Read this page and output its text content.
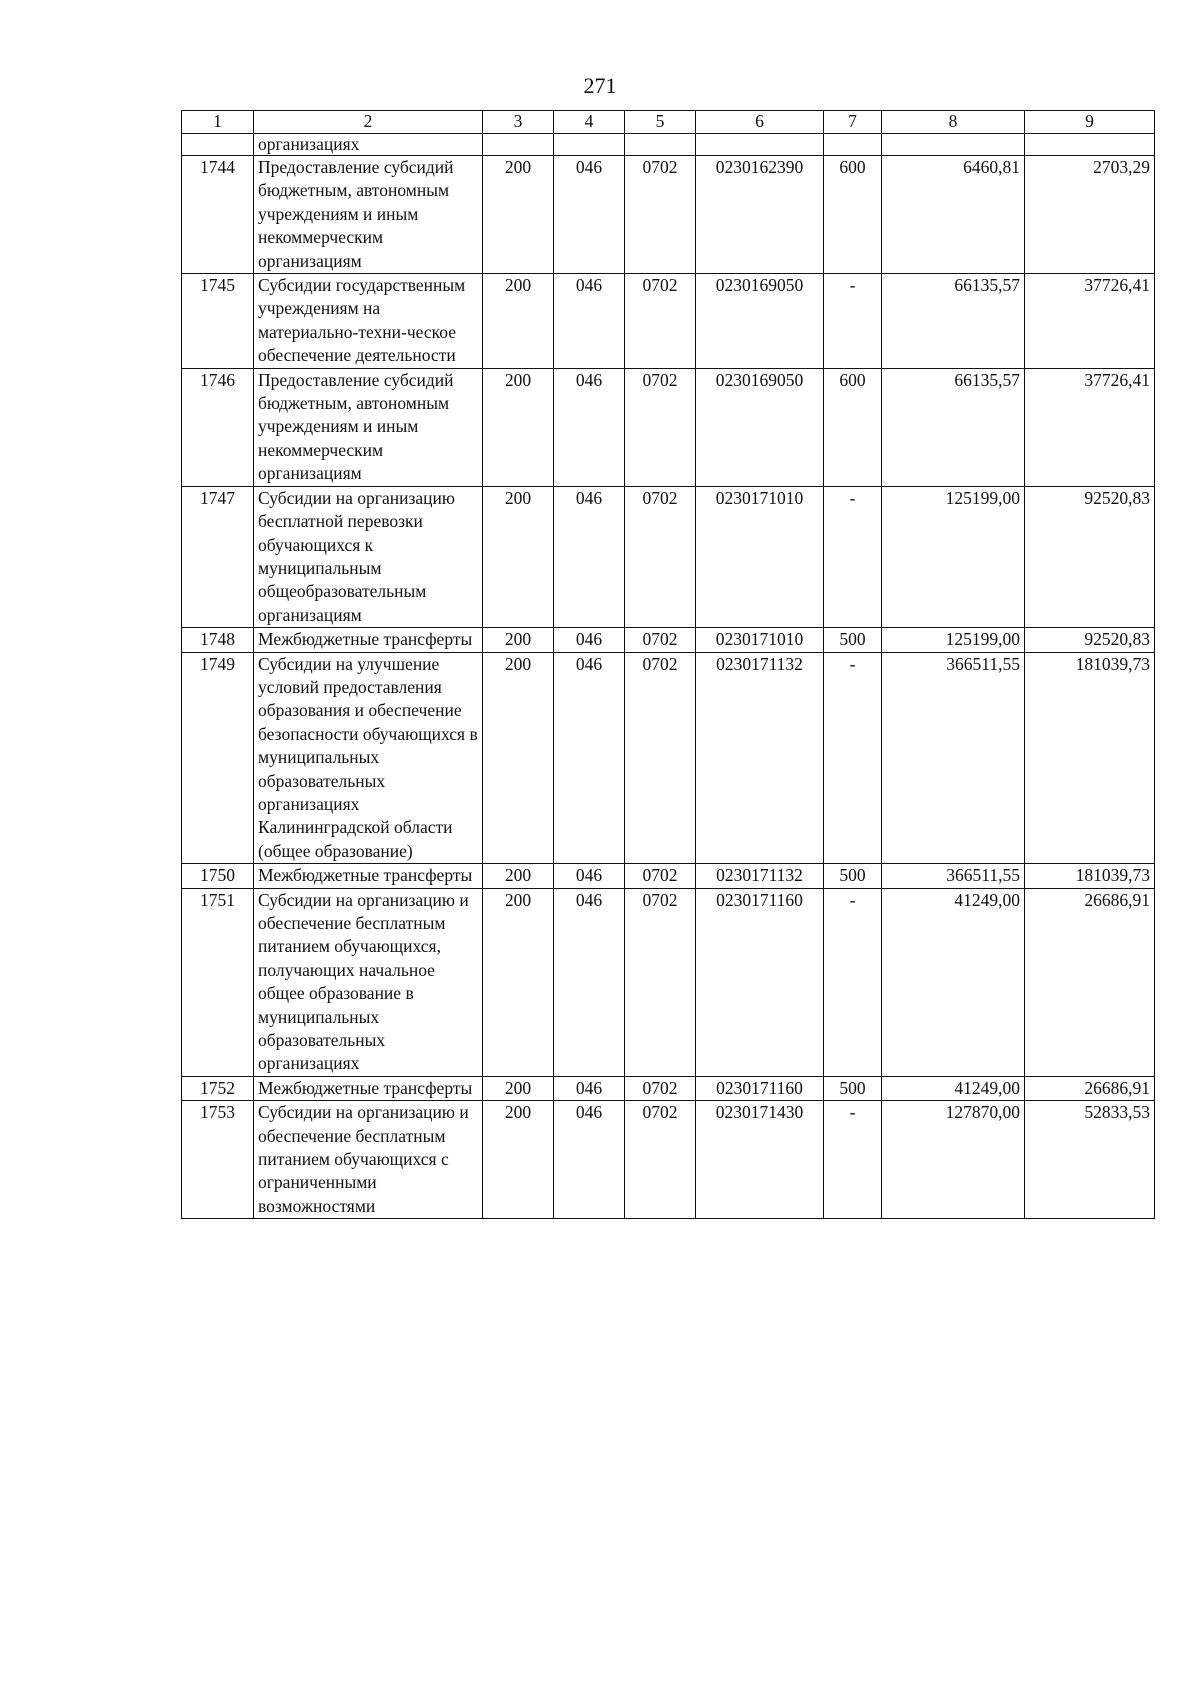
271
1	2	3	4	5	6	7	8	9
	организациях							
1744	Предоставление субсидий бюджетным, автономным учреждениям и иным некоммерческим организациям	200	046	0702	0230162390	600	6460,81	2703,29
1745	Субсидии государственным учреждениям на материально-техни-ческое обеспечение деятельности	200	046	0702	0230169050	-	66135,57	37726,41
1746	Предоставление субсидий бюджетным, автономным учреждениям и иным некоммерческим организациям	200	046	0702	0230169050	600	66135,57	37726,41
1747	Субсидии на организацию бесплатной перевозки обучающихся к муниципальным общеобразовательным организациям	200	046	0702	0230171010	-	125199,00	92520,83
1748	Межбюджетные трансферты	200	046	0702	0230171010	500	125199,00	92520,83
1749	Субсидии на улучшение условий предоставления образования и обеспечение безопасности обучающихся в муниципальных образовательных организациях Калининградской области (общее образование)	200	046	0702	0230171132	-	366511,55	181039,73
1750	Межбюджетные трансферты	200	046	0702	0230171132	500	366511,55	181039,73
1751	Субсидии на организацию и обеспечение бесплатным питанием обучающихся, получающих начальное общее образование в муниципальных образовательных организациях	200	046	0702	0230171160	-	41249,00	26686,91
1752	Межбюджетные трансферты	200	046	0702	0230171160	500	41249,00	26686,91
1753	Субсидии на организацию и обеспечение бесплатным питанием обучающихся с ограниченными возможностями	200	046	0702	0230171430	-	127870,00	52833,53
